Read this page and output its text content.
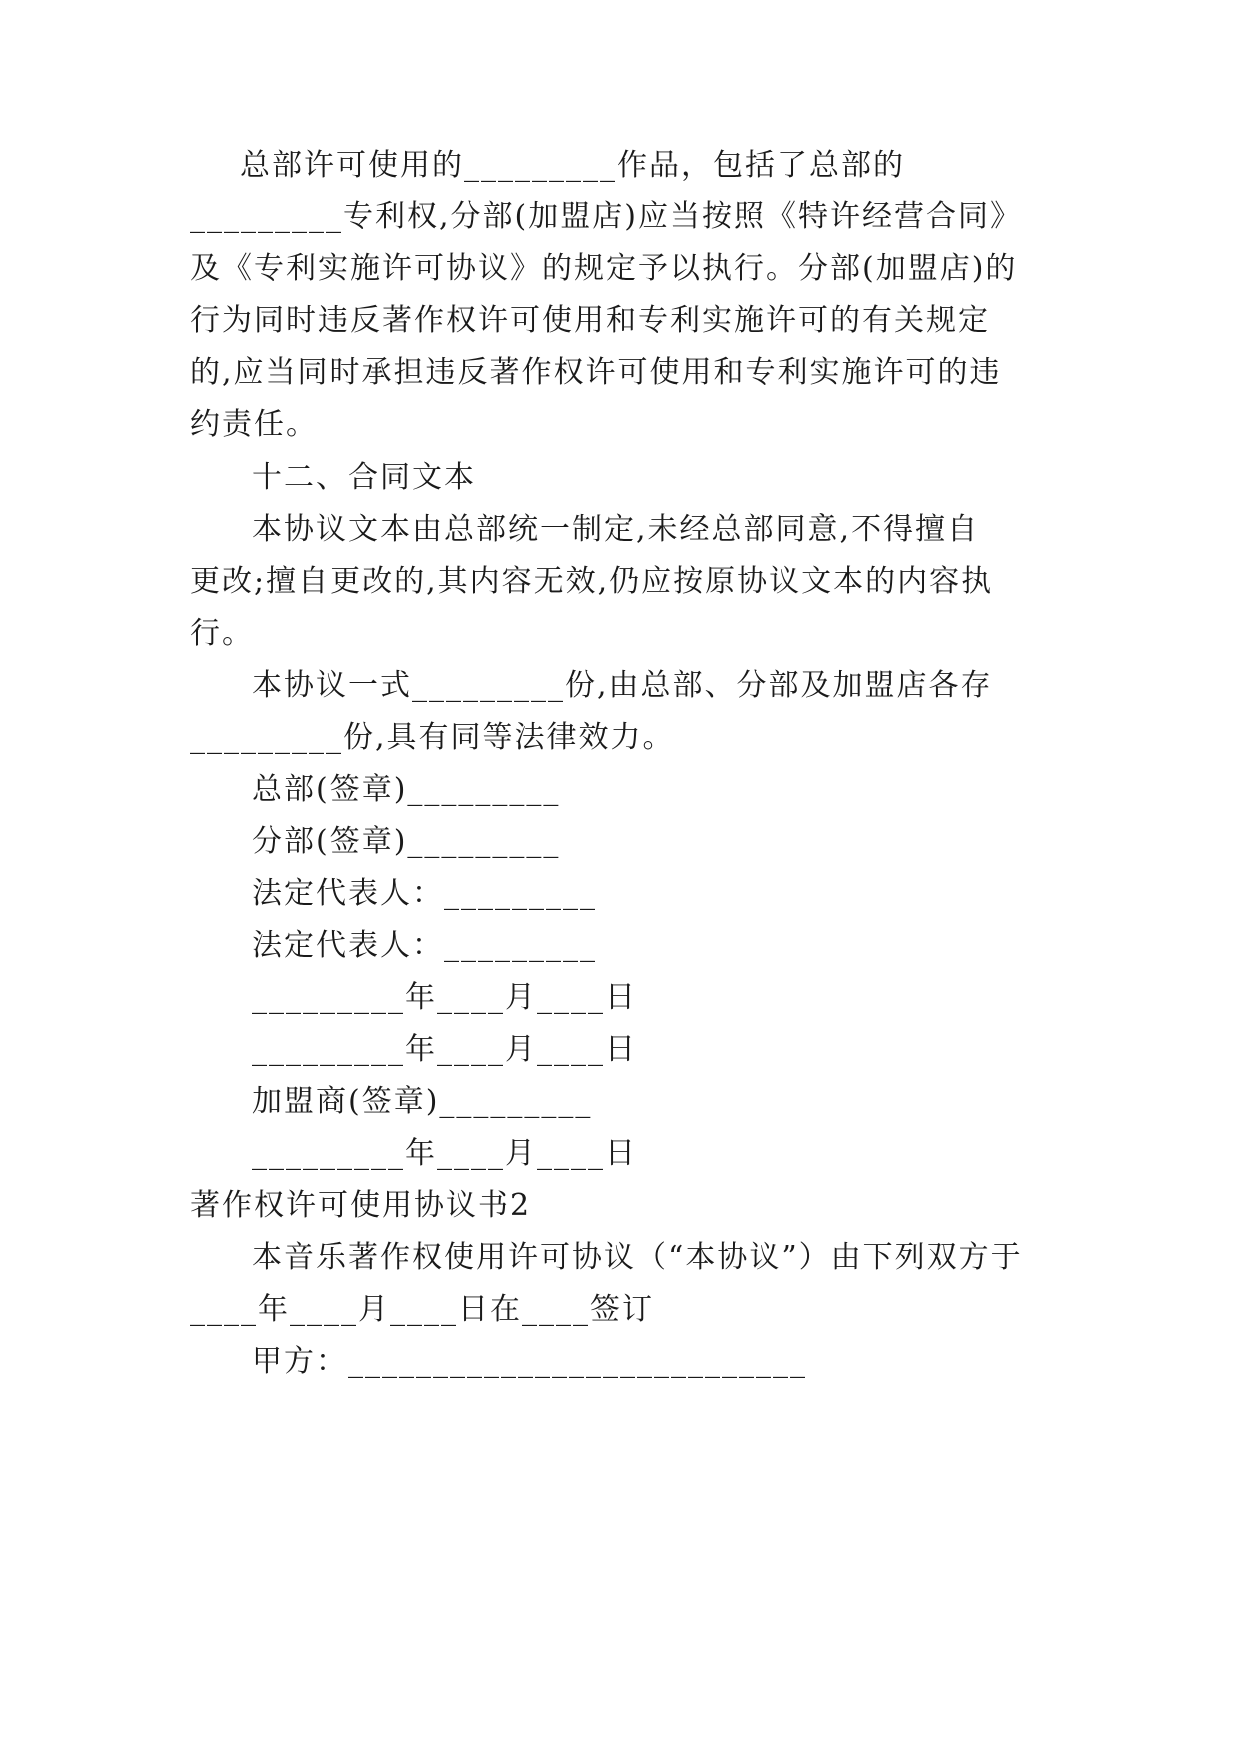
总部许可使用的_________作品，包括了总部的
_________专利权,分部(加盟店)应当按照《特许经营合同》
及《专利实施许可协议》的规定予以执行。分部(加盟店)的
行为同时违反著作权许可使用和专利实施许可的有关规定
的,应当同时承担违反著作权许可使用和专利实施许可的违
约责任。
十二、合同文本
本协议文本由总部统一制定,未经总部同意,不得擅自
更改;擅自更改的,其内容无效,仍应按原协议文本的内容执
行。
本协议一式_________份,由总部、分部及加盟店各存
_________份,具有同等法律效力。
总部(签章)_________
分部(签章)_________
法定代表人：_________
法定代表人：_________
_________年____月____日
_________年____月____日
加盟商(签章)_________
_________年____月____日
著作权许可使用协议书2
本音乐著作权使用许可协议（“本协议”）由下列双方于
____年____月____日在____签订
甲方：___________________________
